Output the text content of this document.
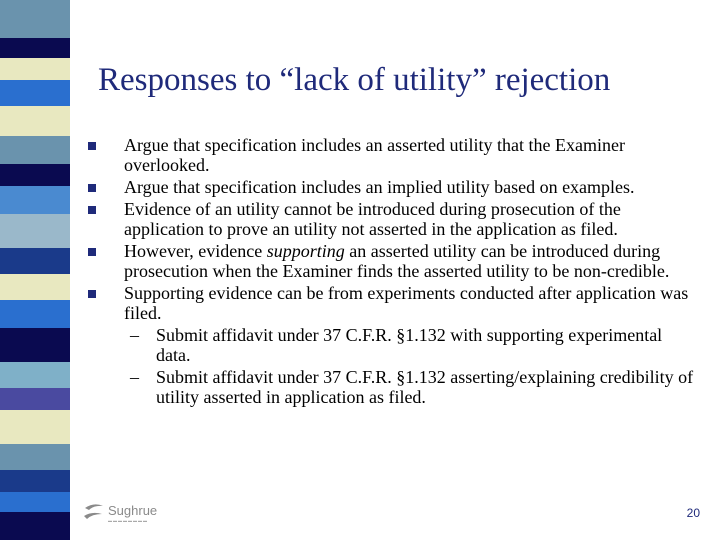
Responses to “lack of utility” rejection
Argue that specification includes an asserted utility that the Examiner overlooked.
Argue that specification includes an implied utility based on examples.
Evidence of an utility cannot be introduced during prosecution of the application to prove an utility not asserted in the application as filed.
However, evidence supporting an asserted utility can be introduced during prosecution when the Examiner finds the asserted utility to be non-credible.
Supporting evidence can be from experiments conducted after application was filed.
– Submit affidavit under 37 C.F.R. §1.132 with supporting experimental data.
– Submit affidavit under 37 C.F.R. §1.132 asserting/explaining credibility of utility asserted in application as filed.
Sughrue
▬▬▬▬▬▬▬▬
20
